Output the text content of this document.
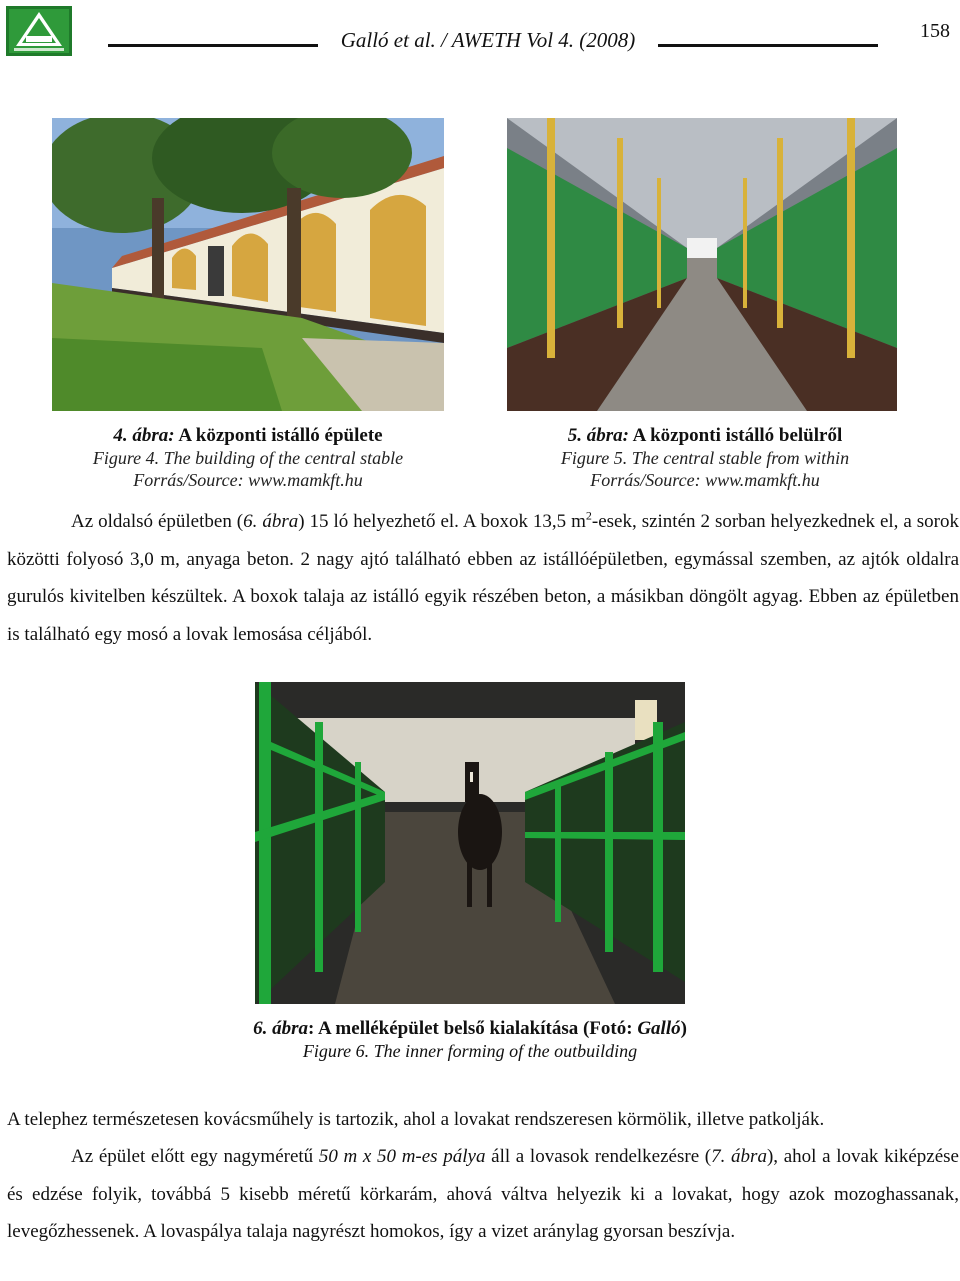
Galló et al. / AWETH Vol 4. (2008)	158
4. ábra: A központi istálló épülete
Figure 4. The building of the central stable
Forrás/Source: www.mamkft.hu
5. ábra: A központi istálló belülről
Figure 5. The central stable from within
Forrás/Source: www.mamkft.hu
Az oldalsó épületben (6. ábra) 15 ló helyezhető el. A boxok 13,5 $m^2$-esek, szintén 2 sorban helyezkednek el, a sorok közötti folyosó 3,0 m, anyaga beton. 2 nagy ajtó található ebben az istállóépületben, egymással szemben, az ajtók oldalra gurulós kivitelben készültek. A boxok talaja az istálló egyik részében beton, a másikban döngölt agyag. Ebben az épületben is található egy mosó a lovak lemosása céljából.
6. ábra: A melléképület belső kialakítása (Fotó: Galló)
Figure 6. The inner forming of the outbuilding
A telephez természetesen kovácsműhely is tartozik, ahol a lovakat rendszeresen körmölik, illetve patkolják.
Az épület előtt egy nagyméretű 50 m x 50 m-es pálya áll a lovasok rendelkezésre (7. ábra), ahol a lovak kiképzése és edzése folyik, továbbá 5 kisebb méretű körkarám, ahová váltva helyezik ki a lovakat, hogy azok mozoghassanak, levegőzhessenek. A lovaspálya talaja nagyrészt homokos, így a vizet aránylag gyorsan beszívja.
